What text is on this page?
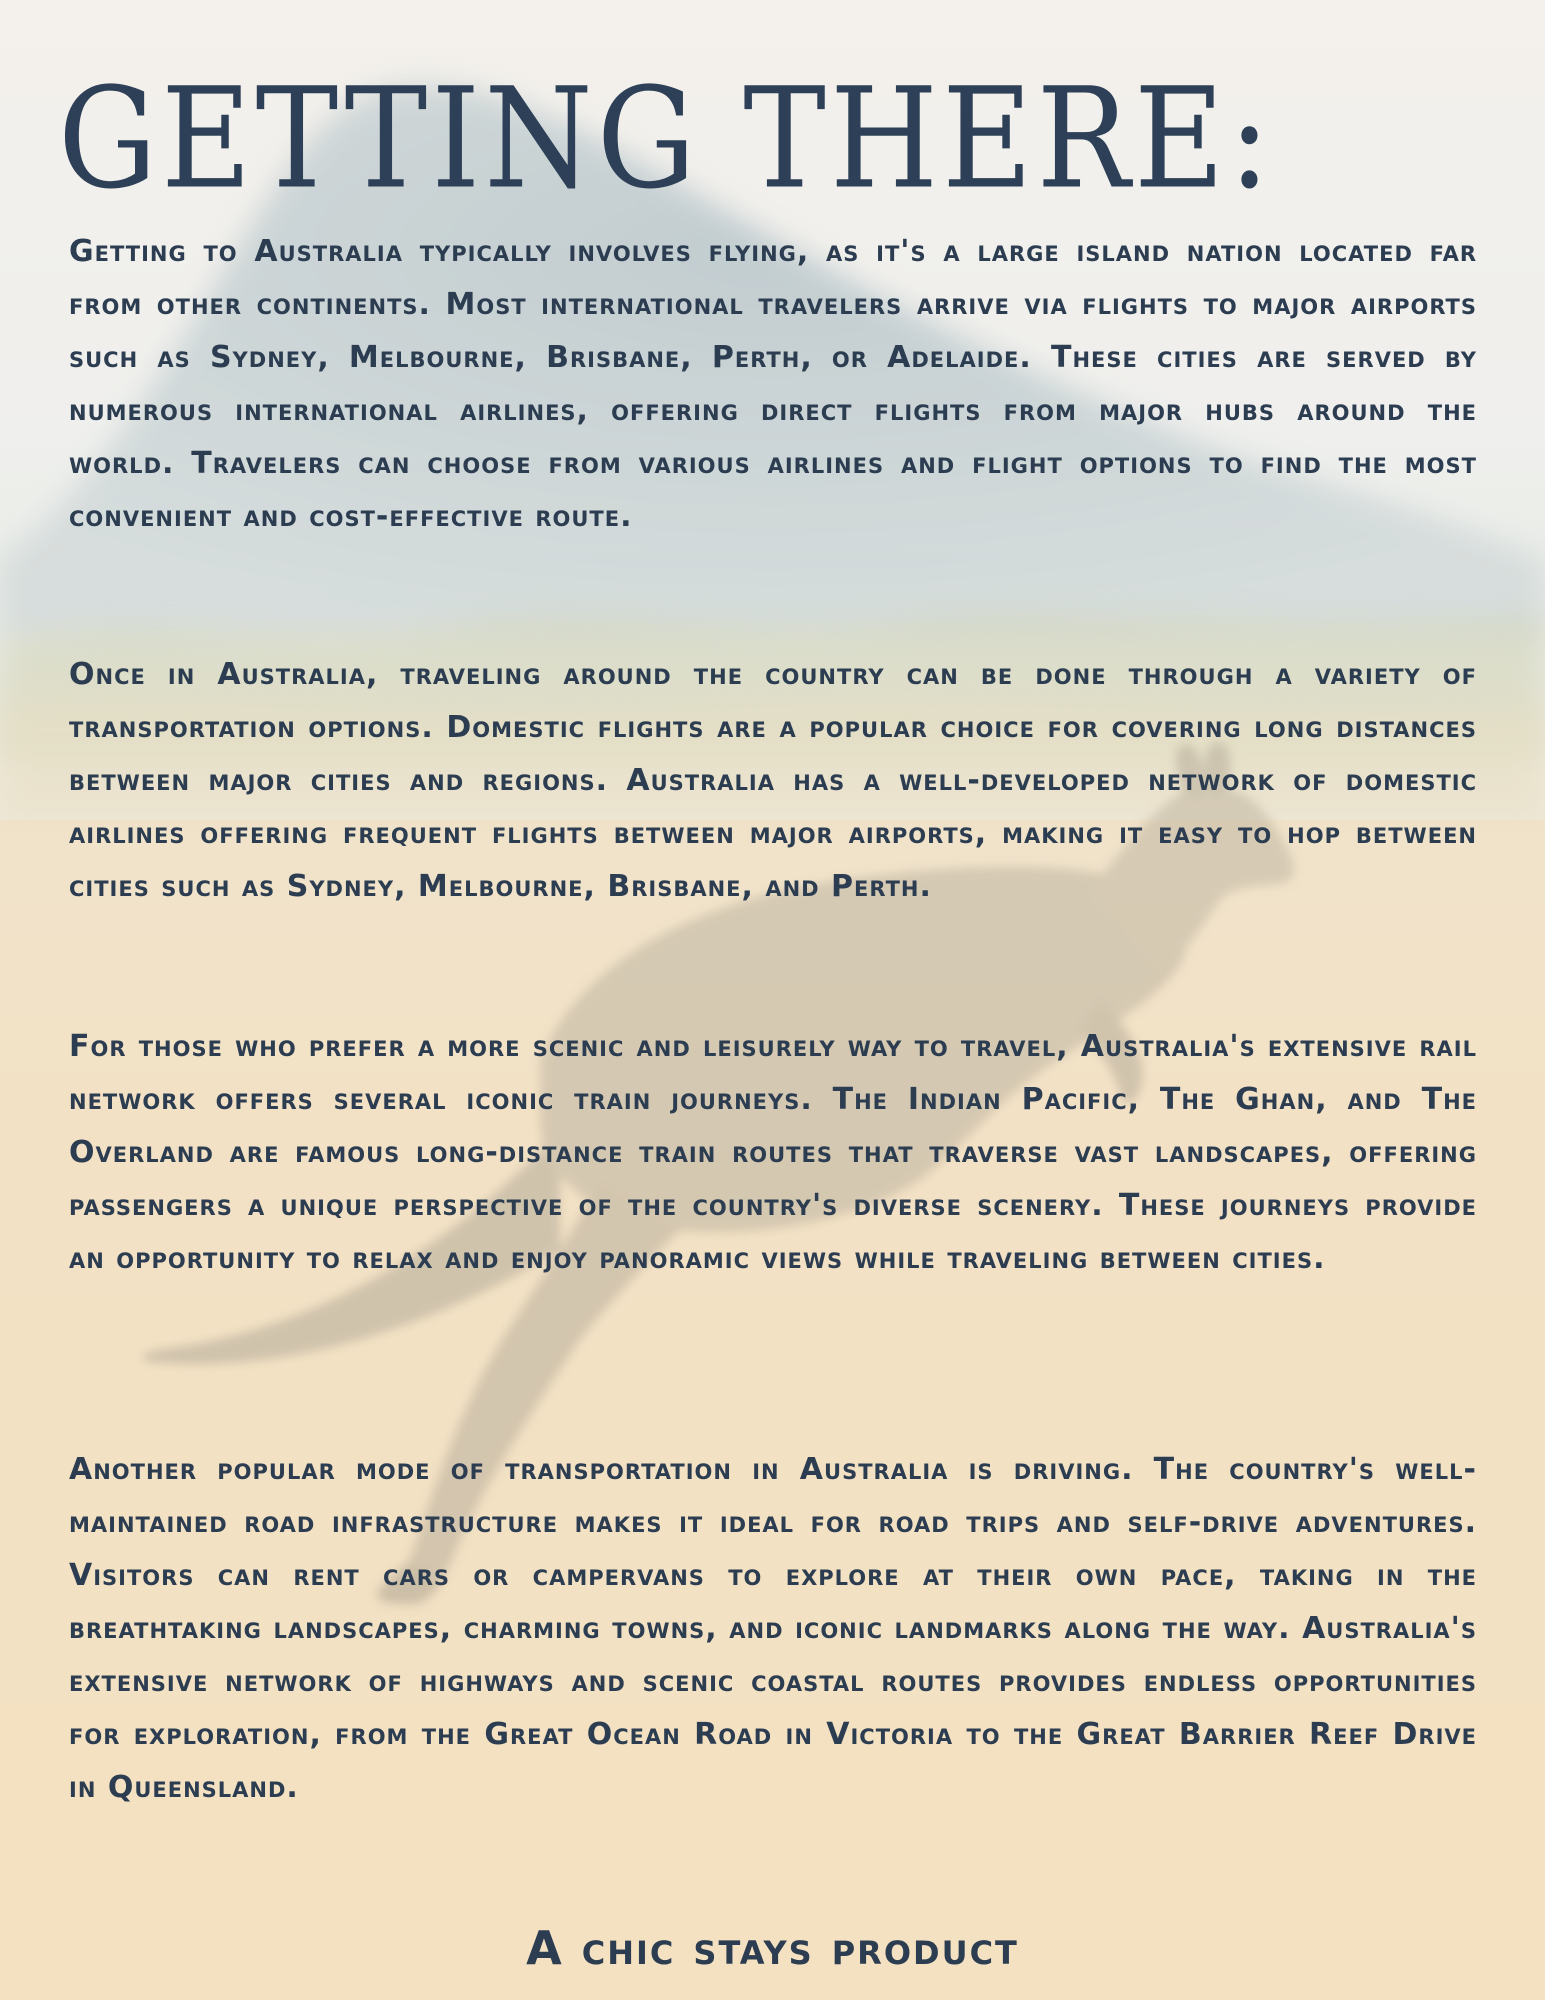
GETTING THERE:

Getting to Australia typically involves flying, as it's a large island nation located far from other continents. Most international travelers arrive via flights to major airports such as Sydney, Melbourne, Brisbane, Perth, or Adelaide. These cities are served by numerous international airlines, offering direct flights from major hubs around the world. Travelers can choose from various airlines and flight options to find the most convenient and cost-effective route.

Once in Australia, traveling around the country can be done through a variety of transportation options. Domestic flights are a popular choice for covering long distances between major cities and regions. Australia has a well-developed network of domestic airlines offering frequent flights between major airports, making it easy to hop between cities such as Sydney, Melbourne, Brisbane, and Perth.

For those who prefer a more scenic and leisurely way to travel, Australia's extensive rail network offers several iconic train journeys. The Indian Pacific, The Ghan, and The Overland are famous long-distance train routes that traverse vast landscapes, offering passengers a unique perspective of the country's diverse scenery. These journeys provide an opportunity to relax and enjoy panoramic views while traveling between cities.

Another popular mode of transportation in Australia is driving. The country's well-maintained road infrastructure makes it ideal for road trips and self-drive adventures. Visitors can rent cars or campervans to explore at their own pace, taking in the breathtaking landscapes, charming towns, and iconic landmarks along the way. Australia's extensive network of highways and scenic coastal routes provides endless opportunities for exploration, from the Great Ocean Road in Victoria to the Great Barrier Reef Drive in Queensland.

A chic stays product
